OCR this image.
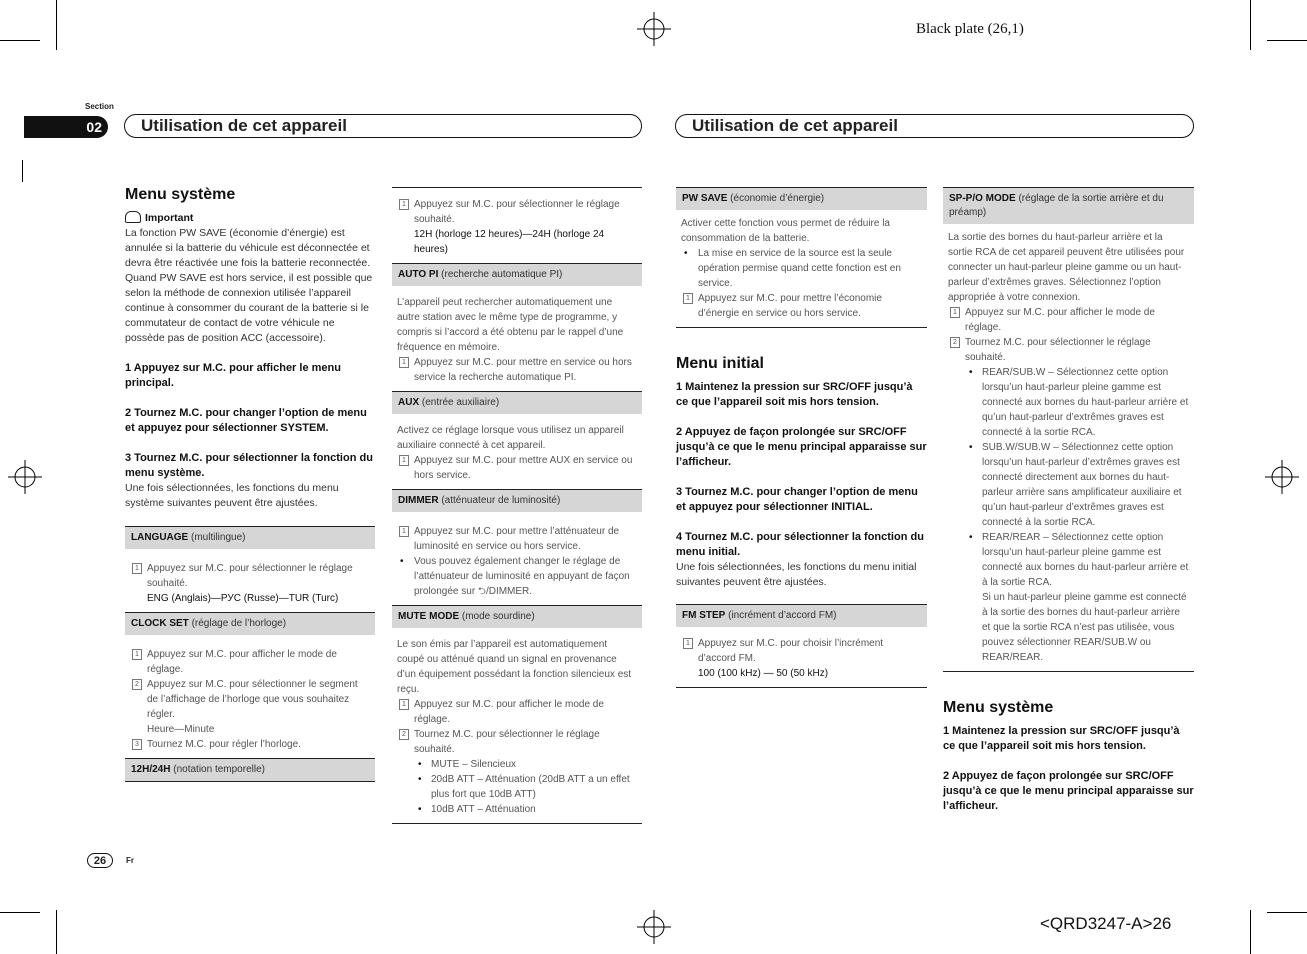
Black plate (26,1)
<QRD3247-A>26
Section
02	Utilisation de cet appareil	Utilisation de cet appareil
Menu système
Important

La fonction PW SAVE (économie d’énergie) est annulée si la batterie du véhicule est déconnectée et devra être réactivée une fois la batterie reconnectée. Quand PW SAVE est hors service, il est possible que selon la méthode de connexion utilisée l’appareil continue à consommer du courant de la batterie si le commutateur de contact de votre véhicule ne possède pas de position ACC (accessoire).

1 Appuyez sur M.C. pour afficher le menu principal.
2 Tournez M.C. pour changer l’option de menu et appuyez pour sélectionner SYSTEM.
3 Tournez M.C. pour sélectionner la fonction du menu système.

Une fois sélectionnées, les fonctions du menu système suivantes peuvent être ajustées.

LANGUAGE (multilingue)
1 Appuyez sur M.C. pour sélectionner le réglage souhaité.
ENG (Anglais)—РУС (Russe)—TUR (Turc)
CLOCK SET (réglage de l’horloge)
1 Appuyez sur M.C. pour afficher le mode de réglage.
2 Appuyez sur M.C. pour sélectionner le segment de l’affichage de l’horloge que vous souhaitez régler.
Heure—Minute
3 Tournez M.C. pour régler l’horloge.
12H/24H (notation temporelle)
1 Appuyez sur M.C. pour sélectionner le réglage souhaité.
12H (horloge 12 heures)—24H (horloge 24 heures)
AUTO PI (recherche automatique PI)

L’appareil peut rechercher automatiquement une autre station avec le même type de programme, y compris si l’accord a été obtenu par le rappel d’une fréquence en mémoire.

1 Appuyez sur M.C. pour mettre en service ou hors service la recherche automatique PI.
AUX (entrée auxiliaire)

Activez ce réglage lorsque vous utilisez un appareil auxiliaire connecté à cet appareil.

1 Appuyez sur M.C. pour mettre AUX en service ou hors service.
DIMMER (atténuateur de luminosité)
1 Appuyez sur M.C. pour mettre l’atténuateur de luminosité en service ou hors service.
• Vous pouvez également changer le réglage de l’atténuateur de luminosité en appuyant de façon prolongée sur ⮌/DIMMER.
MUTE MODE (mode sourdine)

Le son émis par l’appareil est automatiquement coupé ou atténué quand un signal en provenance d’un équipement possédant la fonction silencieux est reçu.

1 Appuyez sur M.C. pour afficher le mode de réglage.
2 Tournez M.C. pour sélectionner le réglage souhaité.
• MUTE – Silencieux
• 20dB ATT – Atténuation (20dB ATT a un effet plus fort que 10dB ATT)
• 10dB ATT – Atténuation
PW SAVE (économie d’énergie)

Activer cette fonction vous permet de réduire la consommation de la batterie.

• La mise en service de la source est la seule opération permise quand cette fonction est en service.
1 Appuyez sur M.C. pour mettre l’économie d’énergie en service ou hors service.
Menu initial
1 Maintenez la pression sur SRC/OFF jusqu’à ce que l’appareil soit mis hors tension.
2 Appuyez de façon prolongée sur SRC/OFF jusqu’à ce que le menu principal apparaisse sur l’afficheur.
3 Tournez M.C. pour changer l’option de menu et appuyez pour sélectionner INITIAL.
4 Tournez M.C. pour sélectionner la fonction du menu initial.

Une fois sélectionnées, les fonctions du menu initial suivantes peuvent être ajustées.

FM STEP (incrément d’accord FM)
1 Appuyez sur M.C. pour choisir l’incrément d’accord FM.
100 (100 kHz) — 50 (50 kHz)
SP-P/O MODE (réglage de la sortie arrière et du préamp)

La sortie des bornes du haut-parleur arrière et la sortie RCA de cet appareil peuvent être utilisées pour connecter un haut-parleur pleine gamme ou un haut-parleur d’extrêmes graves. Sélectionnez l’option appropriée à votre connexion.

1 Appuyez sur M.C. pour afficher le mode de réglage.
2 Tournez M.C. pour sélectionner le réglage souhaité.
• REAR/SUB.W – Sélectionnez cette option lorsqu’un haut-parleur pleine gamme est connecté aux bornes du haut-parleur arrière et qu’un haut-parleur d’extrêmes graves est connecté à la sortie RCA.
• SUB.W/SUB.W – Sélectionnez cette option lorsqu’un haut-parleur d’extrêmes graves est connecté directement aux bornes du haut-parleur arrière sans amplificateur auxiliaire et qu’un haut-parleur d’extrêmes graves est connecté à la sortie RCA.
• REAR/REAR – Sélectionnez cette option lorsqu’un haut-parleur pleine gamme est connecté aux bornes du haut-parleur arrière et à la sortie RCA.
Si un haut-parleur pleine gamme est connecté à la sortie des bornes du haut-parleur arrière et que la sortie RCA n’est pas utilisée, vous pouvez sélectionner REAR/SUB.W ou REAR/REAR.
Menu système
1 Maintenez la pression sur SRC/OFF jusqu’à ce que l’appareil soit mis hors tension.
2 Appuyez de façon prolongée sur SRC/OFF jusqu’à ce que le menu principal apparaisse sur l’afficheur.
26	Fr
